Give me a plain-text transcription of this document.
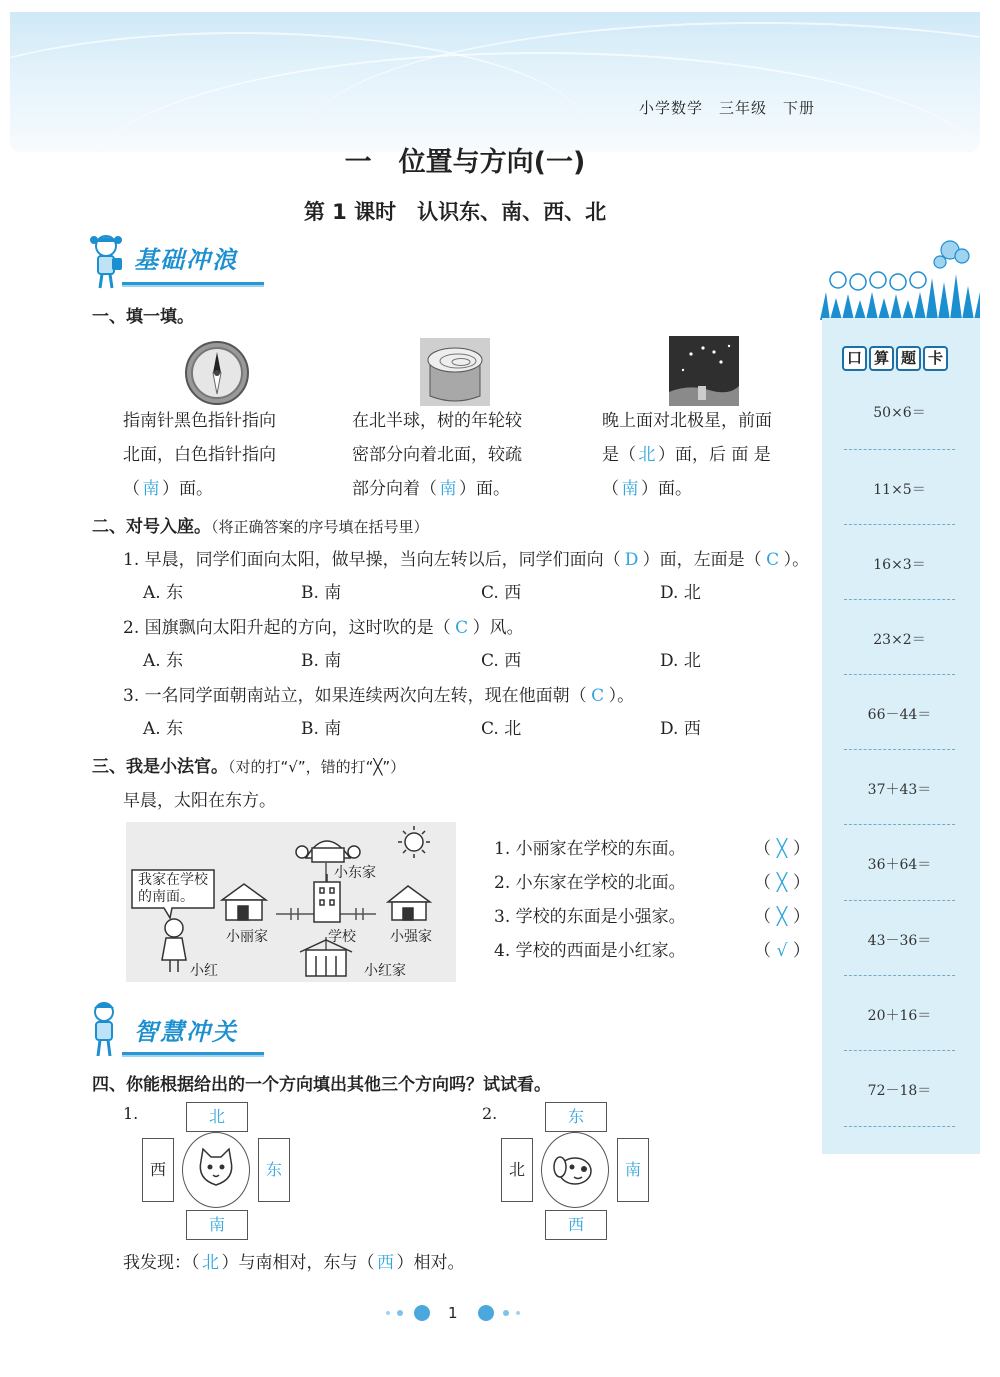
小学数学　三年级　下册
一　位置与方向(一)
第 1 课时　认识东、南、西、北
基础冲浪
一、填一填。
指南针黑色指针指向
北面，白色指针指向
（ 南 ）面。
在北半球，树的年轮较
密部分向着北面，较疏
部分向着（ 南 ）面。
晚上面对北极星，前面
是（ 北 ）面，后 面 是
（ 南 ）面。
二、对号入座。（将正确答案的序号填在括号里）
1. 早晨，同学们面向太阳，做早操，当向左转以后，同学们面向（ D ）面，左面是（ C ）。
A. 东	B. 南	C. 西	D. 北
2. 国旗飘向太阳升起的方向，这时吹的是（ C ）风。
A. 东	B. 南	C. 西	D. 北
3. 一名同学面朝南站立，如果连续两次向左转，现在他面朝（ C ）。
A. 东	B. 南	C. 北	D. 西
三、我是小法官。（对的打“√”，错的打“╳”）
早晨，太阳在东方。
我家在学校的南面。
小东家
小丽家	学校 小强家
小红	小红家
1. 小丽家在学校的东面。	（ ╳ ）
2. 小东家在学校的北面。	（ ╳ ）
3. 学校的东面是小强家。	（ ╳ ）
4. 学校的西面是小红家。	（ √ ）
智慧冲关
四、你能根据给出的一个方向填出其他三个方向吗？试试看。
1.	北
西	东
南
2.	东
北	南
西
我发现：（ 北 ）与南相对，东与（ 西 ）相对。
50×6＝
11×5＝
16×3＝
23×2＝
66－44＝
37＋43＝
36＋64＝
43－36＝
20＋16＝
72－18＝
口 算 题 卡
1
